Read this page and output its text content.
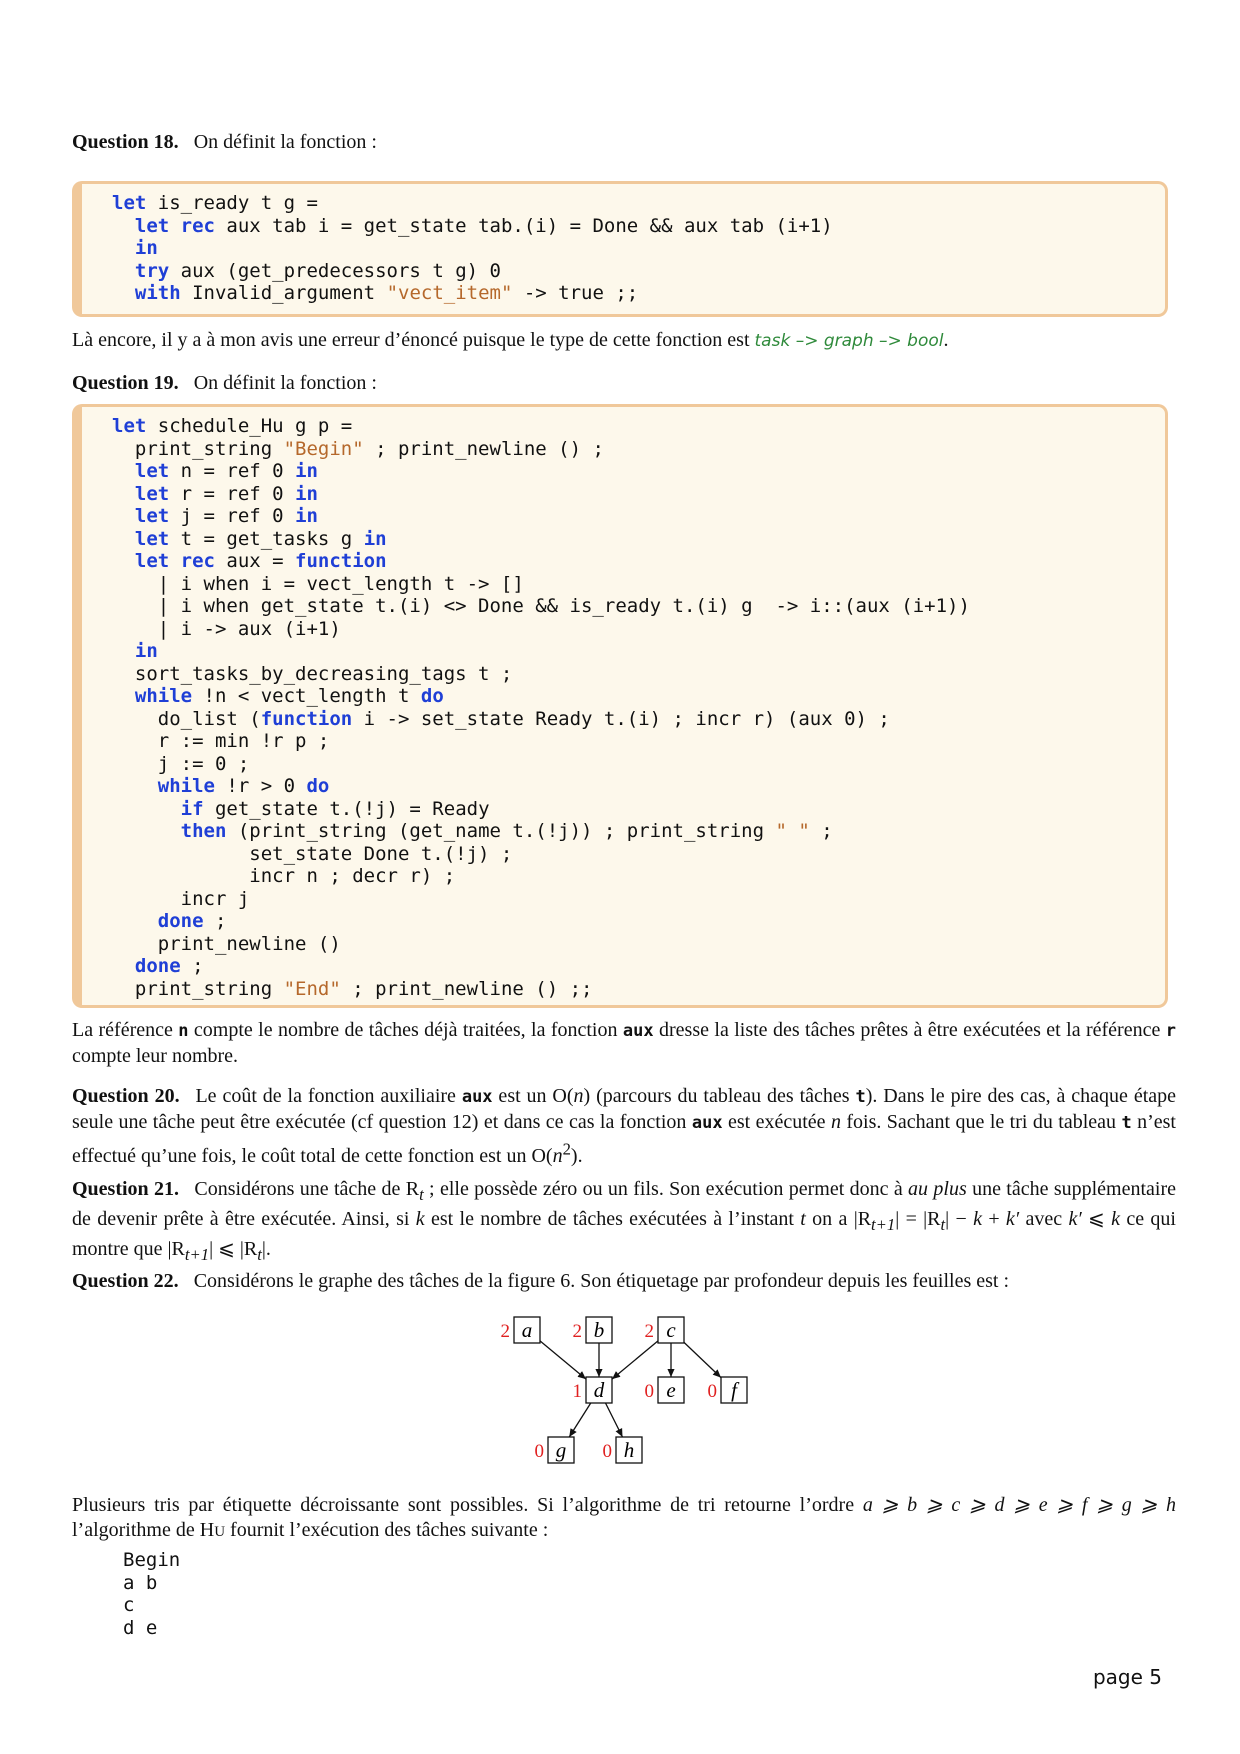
Question 18. On définit la fonction :
let is_ready t g =
let rec aux tab i = get_state tab.(i) = Done && aux tab (i+1)
in
try aux (get_predecessors t g) 0
with Invalid_argument "vect_item" -> true ;;
Là encore, il y a à mon avis une erreur d’énoncé puisque le type de cette fonction est task –> graph –> bool.
Question 19. On définit la fonction :
let schedule_Hu g p =
print_string "Begin" ; print_newline () ;
let n = ref 0 in
let r = ref 0 in
let j = ref 0 in
let t = get_tasks g in
let rec aux = function
| i when i = vect_length t -> []
| i when get_state t.(i) <> Done && is_ready t.(i) g  -> i::(aux (i+1))
| i -> aux (i+1)
in
sort_tasks_by_decreasing_tags t ;
while !n < vect_length t do
do_list (function i -> set_state Ready t.(i) ; incr r) (aux 0) ;
r := min !r p ;
j := 0 ;
while !r > 0 do
if get_state t.(!j) = Ready
then (print_string (get_name t.(!j)) ; print_string " " ;
set_state Done t.(!j) ;
incr n ; decr r) ;
incr j
done ;
print_newline ()
done ;
print_string "End" ; print_newline () ;;
La référence n compte le nombre de tâches déjà traitées, la fonction aux dresse la liste des tâches prêtes à être exécutées et la référence r compte leur nombre.
Question 20. Le coût de la fonction auxiliaire aux est un O(n) (parcours du tableau des tâches t). Dans le pire des cas, à chaque étape seule une tâche peut être exécutée (cf question 12) et dans ce cas la fonction aux est exécutée n fois. Sachant que le tri du tableau t n’est effectué qu’une fois, le coût total de cette fonction est un $O(n^2)$.
Question 21. Considérons une tâche de $R_t$ ; elle possède zéro ou un fils. Son exécution permet donc à au plus une tâche supplémentaire de devenir prête à être exécutée. Ainsi, si k est le nombre de tâches exécutées à l’instant t on a $|R_{t+1}| = |R_t| - k + k'$ avec k′ ⩽ k ce qui montre que $|R_{t+1}|$ ⩽ $|R_t|$.
Question 22. Considérons le graphe des tâches de la figure 6. Son étiquetage par profondeur depuis les feuilles est :
a
2	b
2	c
2
d
1	e
0	f
0
g
0	h
0
Plusieurs tris par étiquette décroissante sont possibles. Si l’algorithme de tri retourne l’ordre a ⩾ b ⩾ c ⩾ d ⩾ e ⩾ f ⩾ g ⩾ h l’algorithme de HU fournit l’exécution des tâches suivante :
Begin
a b
c
d e
page 5
